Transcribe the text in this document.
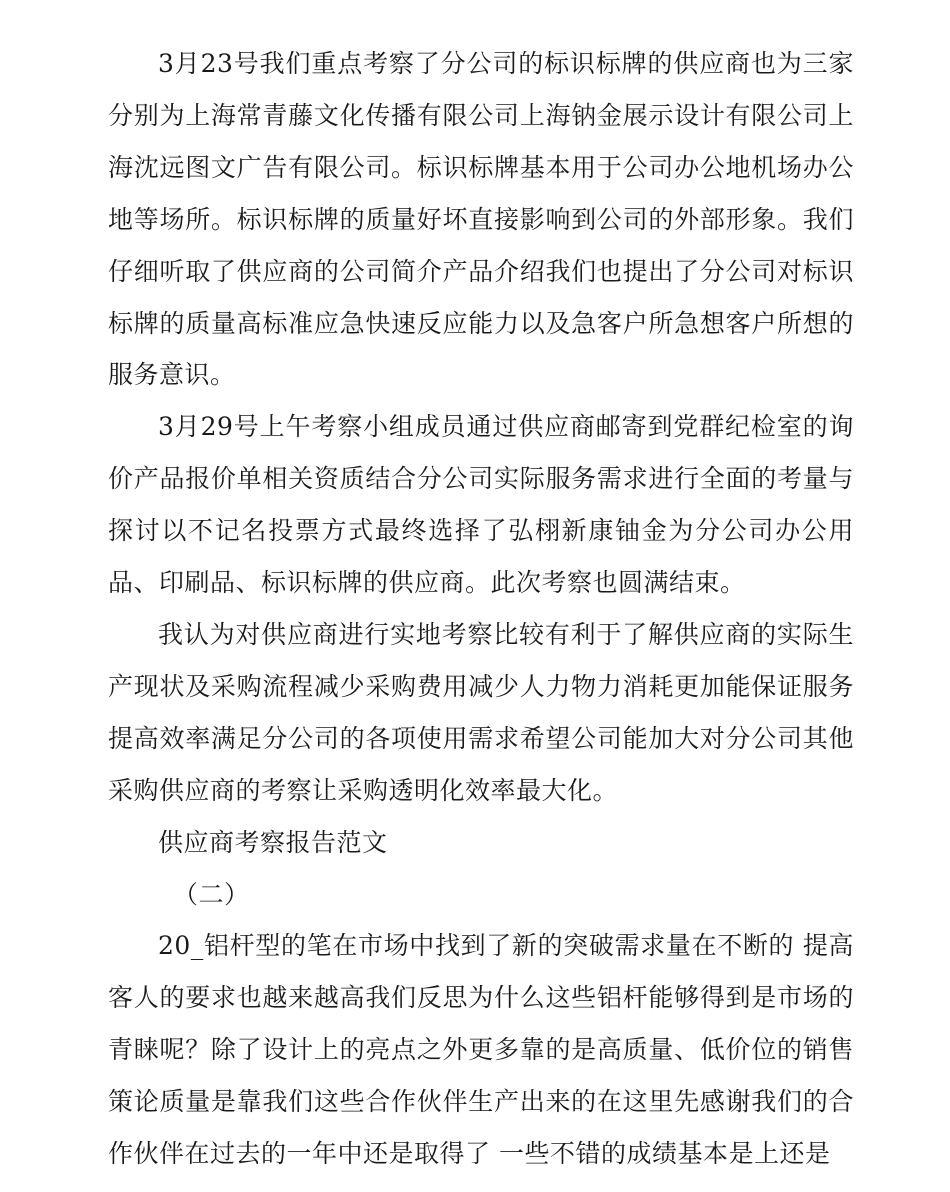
3月23号我们重点考察了分公司的标识标牌的供应商也为三家分别为上海常青藤文化传播有限公司上海钠金展示设计有限公司上海沈远图文广告有限公司。标识标牌基本用于公司办公地机场办公地等场所。标识标牌的质量好坏直接影响到公司的外部形象。我们仔细听取了供应商的公司简介产品介绍我们也提出了分公司对标识标牌的质量高标准应急快速反应能力以及急客户所急想客户所想的服务意识。

3月29号上午考察小组成员通过供应商邮寄到党群纪检室的询价产品报价单相关资质结合分公司实际服务需求进行全面的考量与探讨以不记名投票方式最终选择了弘栩新康铀金为分公司办公用品、印刷品、标识标牌的供应商。此次考察也圆满结束。

我认为对供应商进行实地考察比较有利于了解供应商的实际生产现状及采购流程减少采购费用减少人力物力消耗更加能保证服务提高效率满足分公司的各项使用需求希望公司能加大对分公司其他采购供应商的考察让采购透明化效率最大化。

供应商考察报告范文

（二）

20_铝杆型的笔在市场中找到了新的突破需求量在不断的 提高客人的要求也越来越高我们反思为什么这些铝杆能够得到是市场的青睐呢？除了设计上的亮点之外更多靠的是高质量、低价位的销售策论质量是靠我们这些合作伙伴生产出来的在这里先感谢我们的合作伙伴在过去的一年中还是取得了 一些不错的成绩基本是上还是
